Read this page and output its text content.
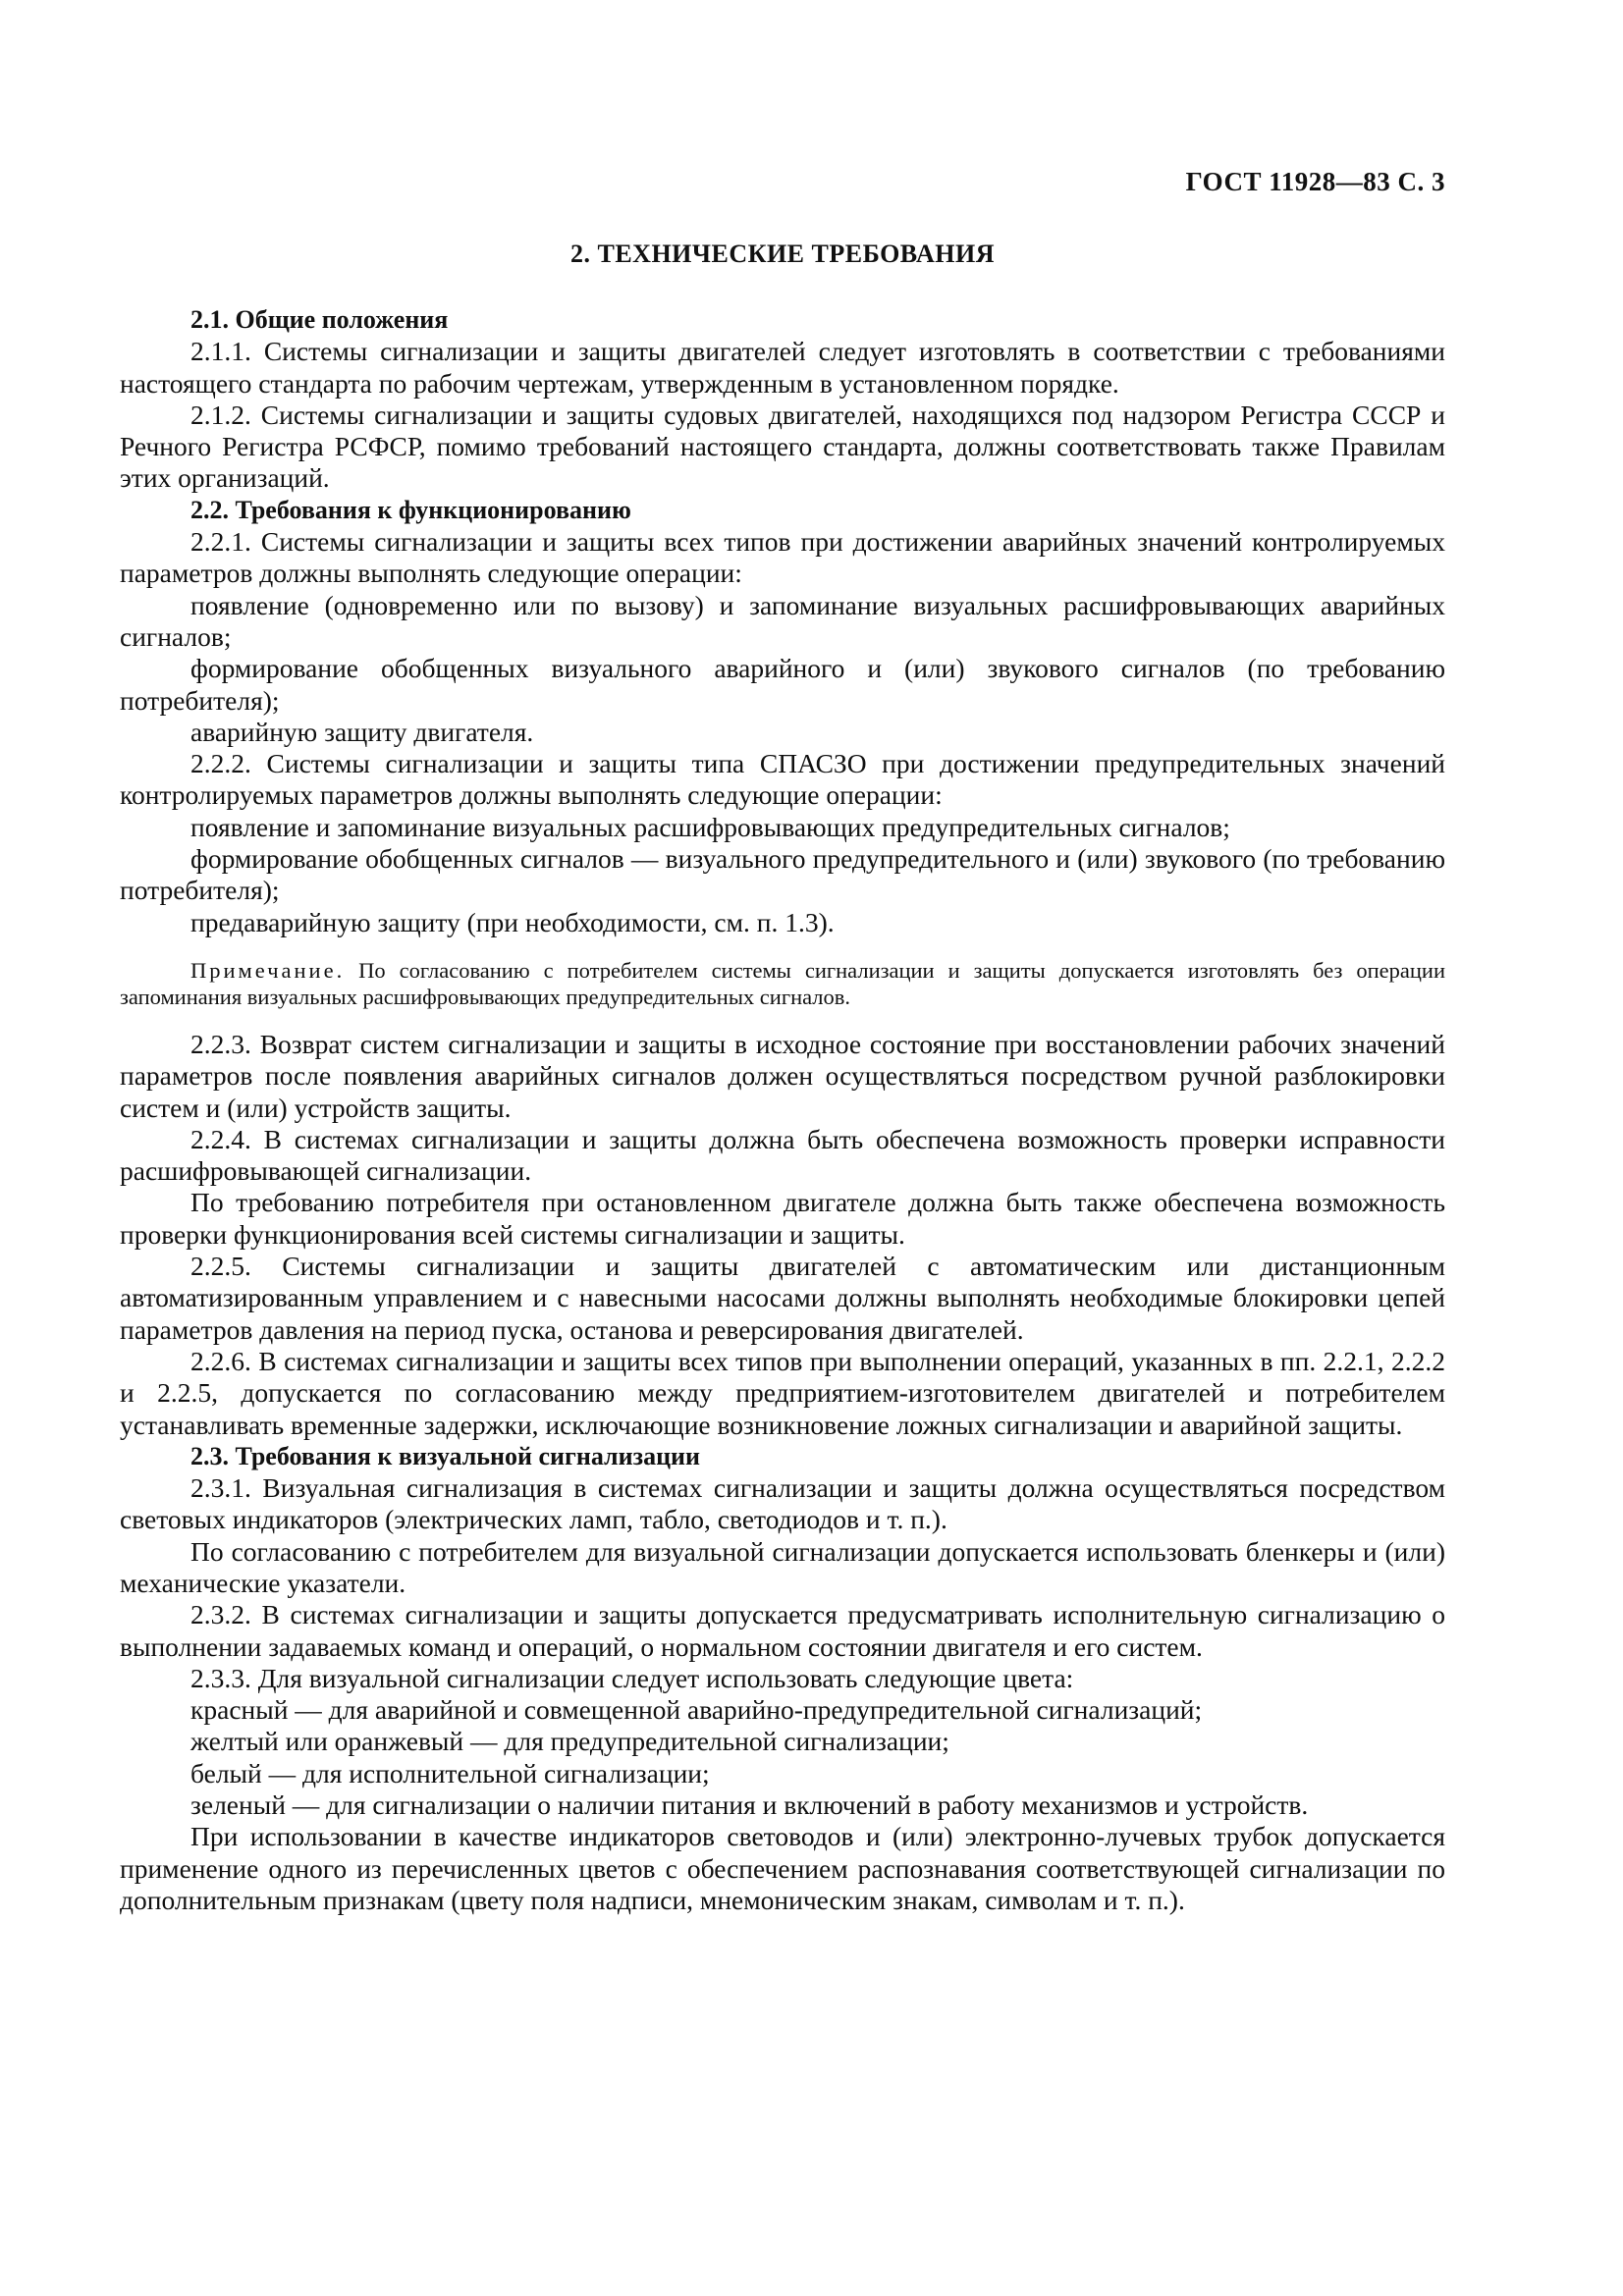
ГОСТ 11928—83 С. 3
2. ТЕХНИЧЕСКИЕ ТРЕБОВАНИЯ

2.1. Общие положения

2.1.1. Системы сигнализации и защиты двигателей следует изготовлять в соответствии с требованиями настоящего стандарта по рабочим чертежам, утвержденным в установленном порядке.

2.1.2. Системы сигнализации и защиты судовых двигателей, находящихся под надзором Регистра СССР и Речного Регистра РСФСР, помимо требований настоящего стандарта, должны соответствовать также Правилам этих организаций.

2.2. Требования к функционированию

2.2.1. Системы сигнализации и защиты всех типов при достижении аварийных значений контролируемых параметров должны выполнять следующие операции:

появление (одновременно или по вызову) и запоминание визуальных расшифровывающих аварийных сигналов;

формирование обобщенных визуального аварийного и (или) звукового сигналов (по требованию потребителя);

аварийную защиту двигателя.

2.2.2. Системы сигнализации и защиты типа СПАСЗО при достижении предупредительных значений контролируемых параметров должны выполнять следующие операции:

появление и запоминание визуальных расшифровывающих предупредительных сигналов;

формирование обобщенных сигналов — визуального предупредительного и (или) звукового (по требованию потребителя);

предаварийную защиту (при необходимости, см. п. 1.3).

Примечание. По согласованию с потребителем системы сигнализации и защиты допускается изготовлять без операции запоминания визуальных расшифровывающих предупредительных сигналов.

2.2.3. Возврат систем сигнализации и защиты в исходное состояние при восстановлении рабочих значений параметров после появления аварийных сигналов должен осуществляться посредством ручной разблокировки систем и (или) устройств защиты.

2.2.4. В системах сигнализации и защиты должна быть обеспечена возможность проверки исправности расшифровывающей сигнализации.

По требованию потребителя при остановленном двигателе должна быть также обеспечена возможность проверки функционирования всей системы сигнализации и защиты.

2.2.5. Системы сигнализации и защиты двигателей с автоматическим или дистанционным автоматизированным управлением и с навесными насосами должны выполнять необходимые блокировки цепей параметров давления на период пуска, останова и реверсирования двигателей.

2.2.6. В системах сигнализации и защиты всех типов при выполнении операций, указанных в пп. 2.2.1, 2.2.2 и 2.2.5, допускается по согласованию между предприятием-изготовителем двигателей и потребителем устанавливать временные задержки, исключающие возникновение ложных сигнализации и аварийной защиты.

2.3. Требования к визуальной сигнализации

2.3.1. Визуальная сигнализация в системах сигнализации и защиты должна осуществляться посредством световых индикаторов (электрических ламп, табло, светодиодов и т. п.).

По согласованию с потребителем для визуальной сигнализации допускается использовать бленкеры и (или) механические указатели.

2.3.2. В системах сигнализации и защиты допускается предусматривать исполнительную сигнализацию о выполнении задаваемых команд и операций, о нормальном состоянии двигателя и его систем.

2.3.3. Для визуальной сигнализации следует использовать следующие цвета:

красный — для аварийной и совмещенной аварийно-предупредительной сигнализаций;

желтый или оранжевый — для предупредительной сигнализации;

белый — для исполнительной сигнализации;

зеленый — для сигнализации о наличии питания и включений в работу механизмов и устройств.

При использовании в качестве индикаторов световодов и (или) электронно-лучевых трубок допускается применение одного из перечисленных цветов с обеспечением распознавания соответствующей сигнализации по дополнительным признакам (цвету поля надписи, мнемоническим знакам, символам и т. п.).
